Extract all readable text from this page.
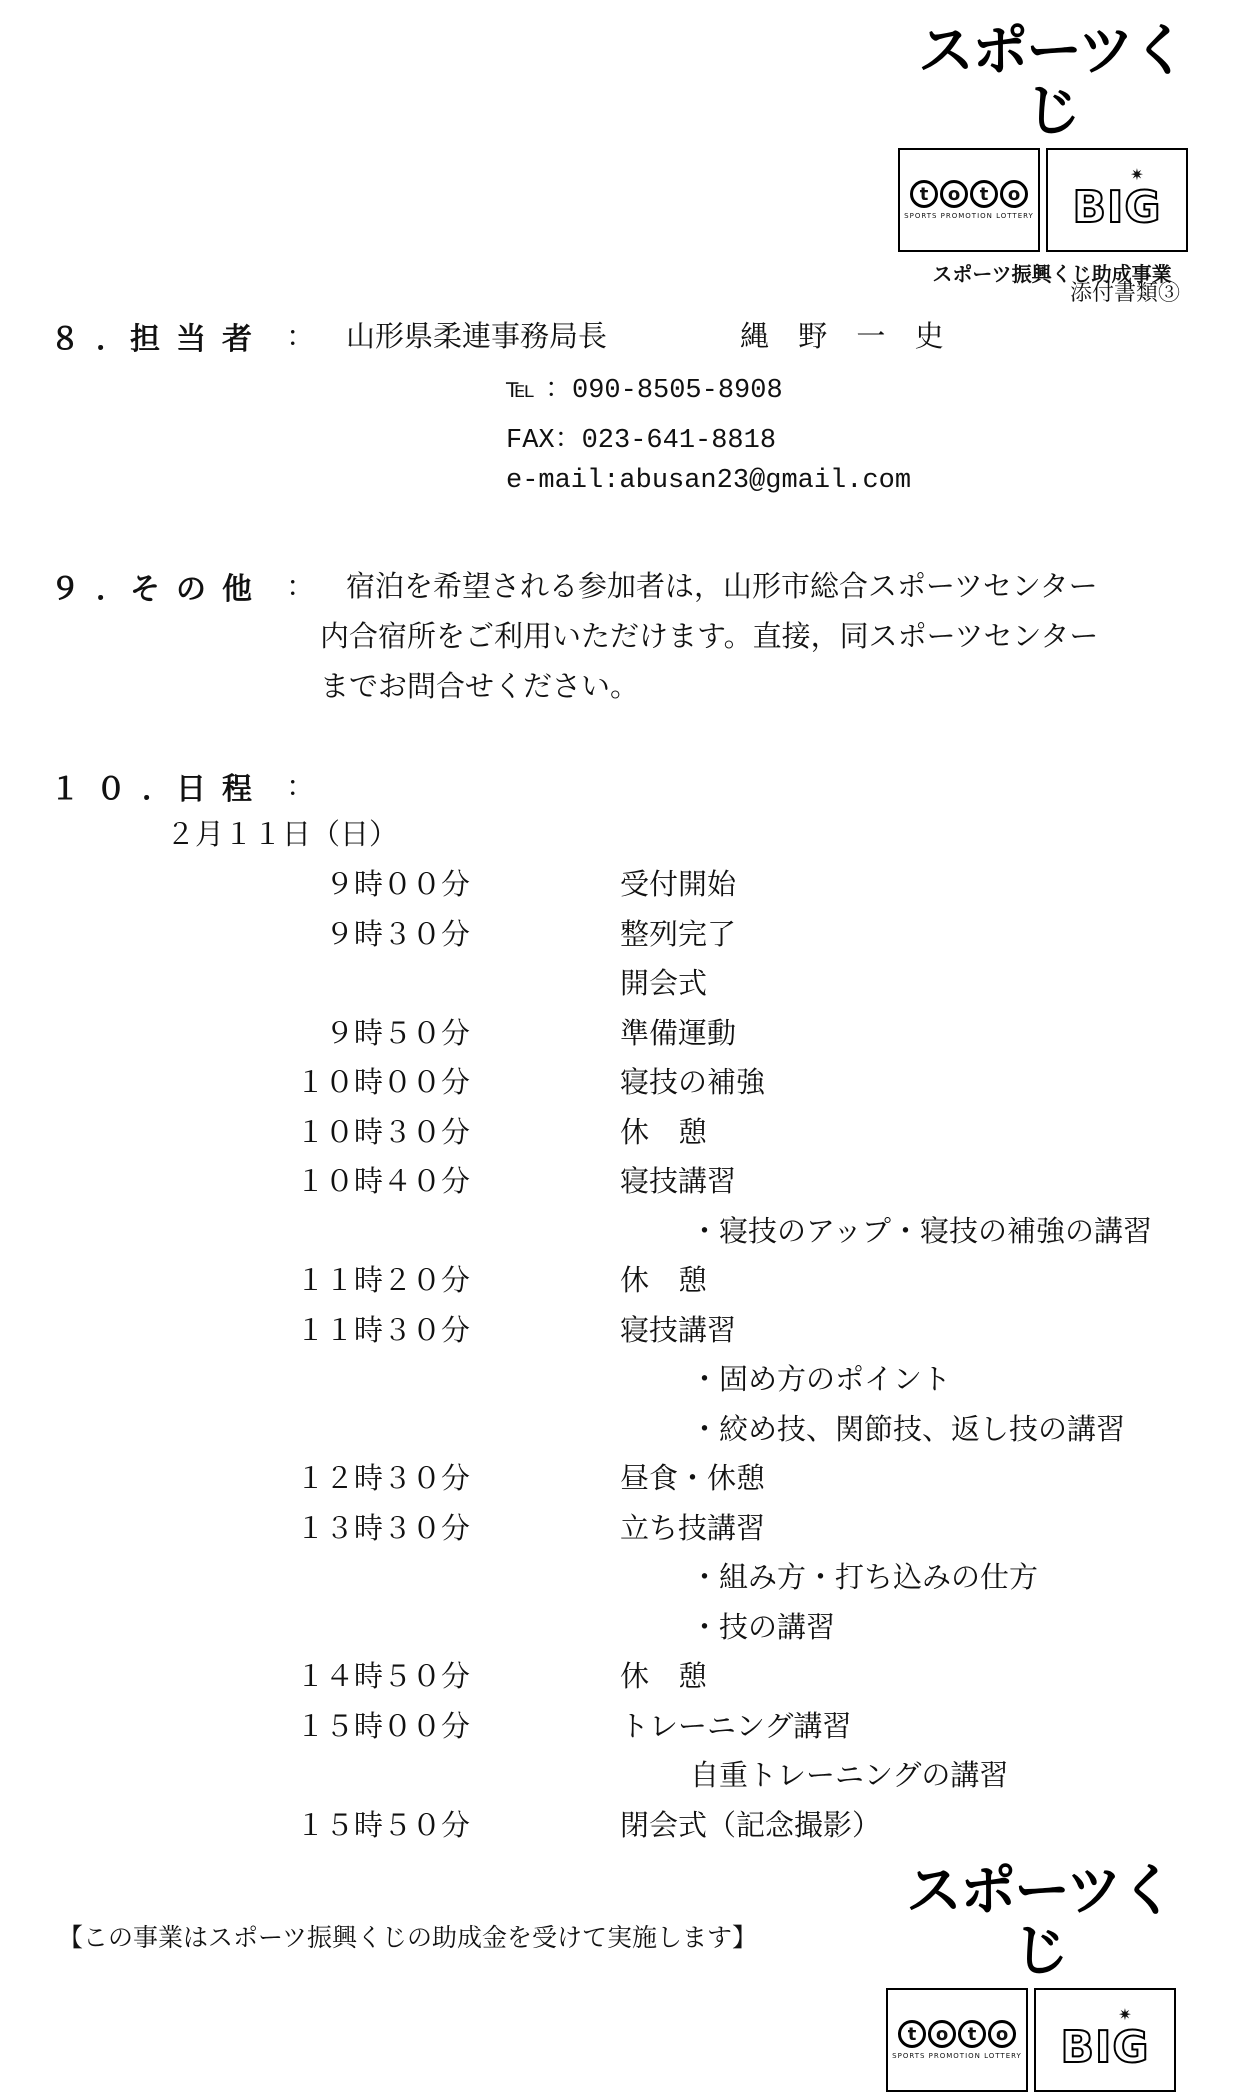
スポーツくじ
t	o	t	o
SPORTS PROMOTION LOTTERY
✷
BIG
スポーツ振興くじ助成事業
添付書類③
８．
担当者 ： 山形県柔連事務局長	縄 野 一 史
℡ ：090-8505-8908
FAX：023-641-8818
e-mail:abusan23@gmail.com
９．
その他 ： 宿泊を希望される参加者は，山形市総合スポーツセンター
内合宿所をご利用いただけます。直接，同スポーツセンター
までお問合せください。
１０．
日程 ：
２月１１日（日）
９時００分	受付開始
９時３０分	整列完了
開会式
９時５０分	準備運動
１０時００分	寝技の補強
１０時３０分	休　憩
１０時４０分	寝技講習
・寝技のアップ・寝技の補強の講習
１１時２０分	休　憩
１１時３０分	寝技講習
・固め方のポイント
・絞め技、関節技、返し技の講習
１２時３０分	昼食・休憩
１３時３０分	立ち技講習
・組み方・打ち込みの仕方
・技の講習
１４時５０分	休　憩
１５時００分	トレーニング講習
自重トレーニングの講習
１５時５０分	閉会式（記念撮影）
【この事業はスポーツ振興くじの助成金を受けて実施します】
スポーツくじ
t	o	t	o
SPORTS PROMOTION LOTTERY
✷
BIG
